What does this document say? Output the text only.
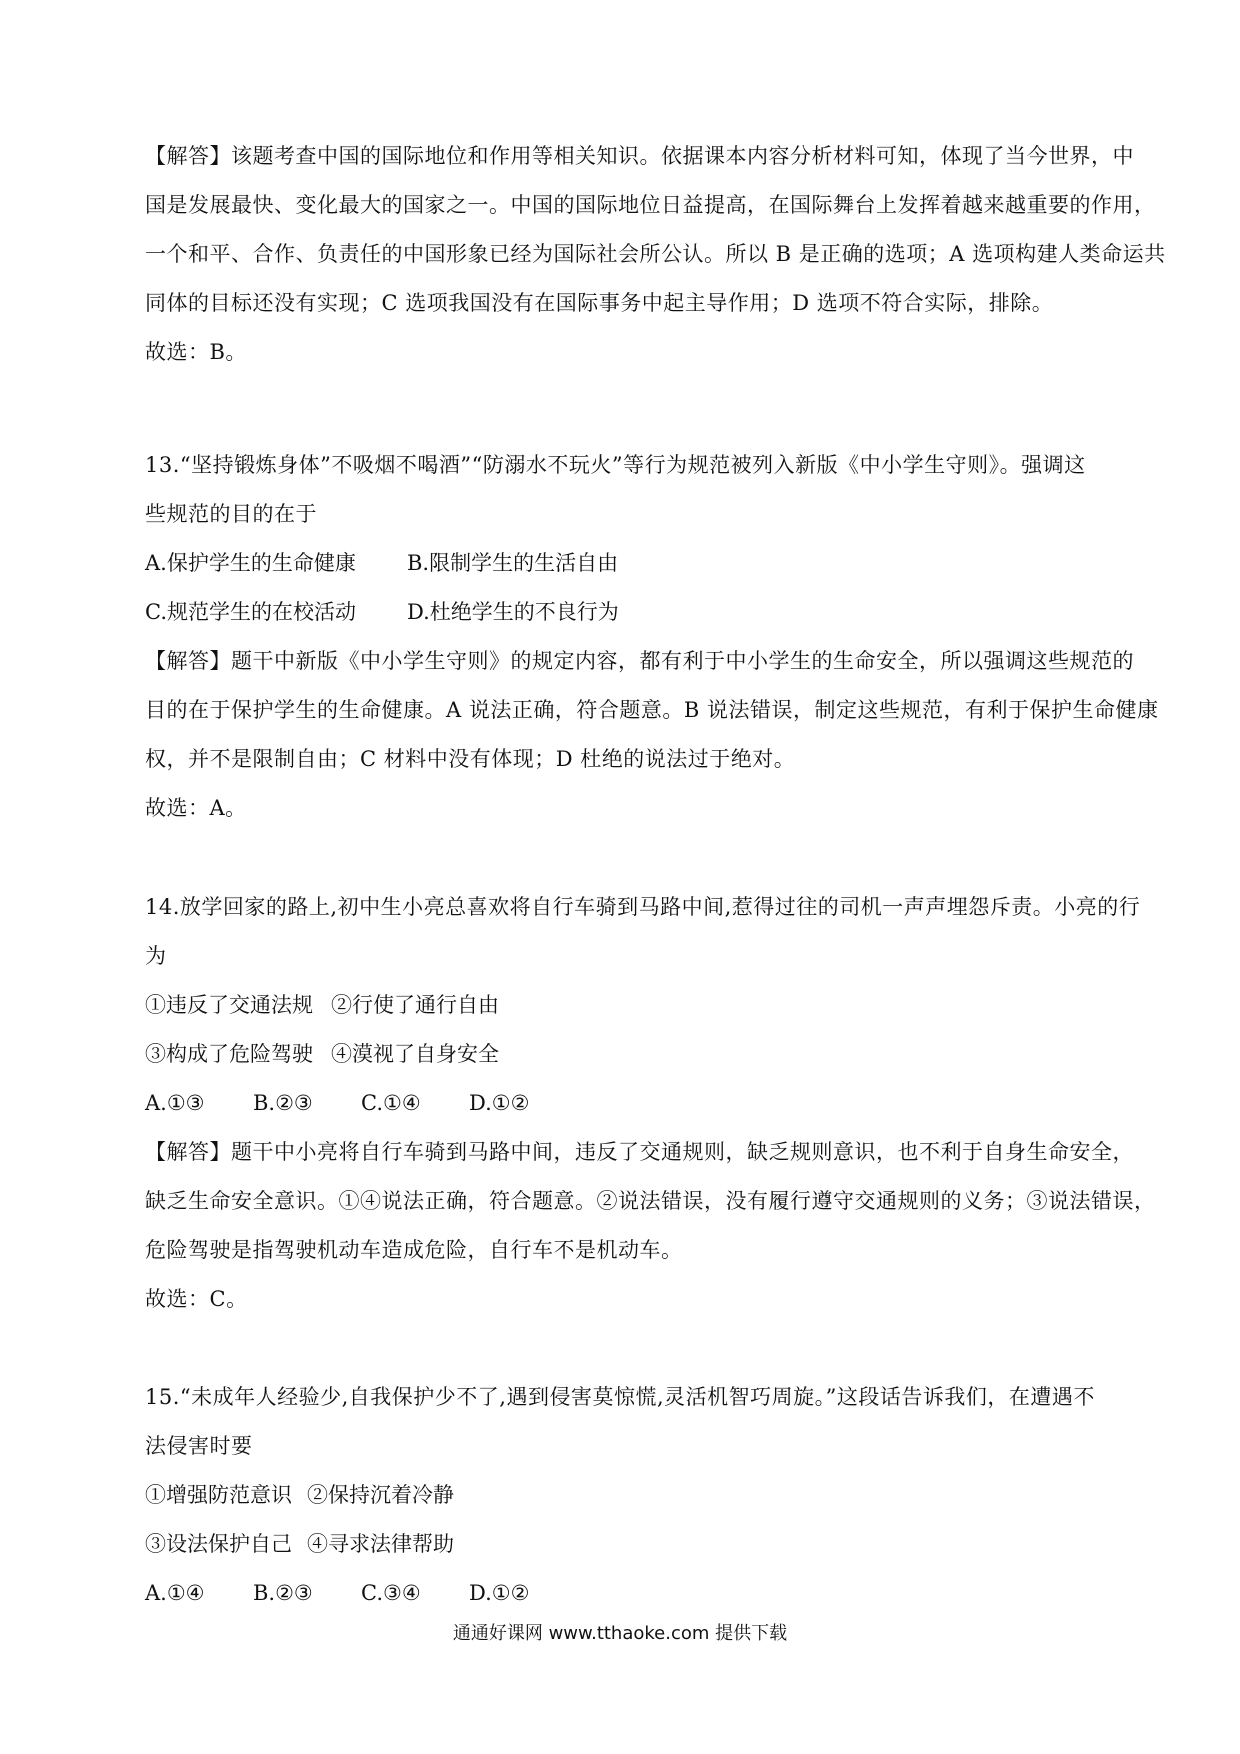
【解答】该题考查中国的国际地位和作用等相关知识。依据课本内容分析材料可知，体现了当今世界，中
国是发展最快、变化最大的国家之一。中国的国际地位日益提高，在国际舞台上发挥着越来越重要的作用，
一个和平、合作、负责任的中国形象已经为国际社会所公认。所以 B 是正确的选项；A 选项构建人类命运共
同体的目标还没有实现；C 选项我国没有在国际事务中起主导作用；D 选项不符合实际，排除。
故选：B。
13.“坚持锻炼身体”不吸烟不喝酒”“防溺水不玩火”等行为规范被列入新版《中小学生守则》。强调这
些规范的目的在于
A.保护学生的生命健康 B.限制学生的生活自由
C.规范学生的在校活动 D.杜绝学生的不良行为
【解答】题干中新版《中小学生守则》的规定内容，都有利于中小学生的生命安全，所以强调这些规范的
目的在于保护学生的生命健康。A 说法正确，符合题意。B 说法错误，制定这些规范，有利于保护生命健康
权，并不是限制自由；C 材料中没有体现；D 杜绝的说法过于绝对。
故选：A。
14.放学回家的路上,初中生小亮总喜欢将自行车骑到马路中间,惹得过往的司机一声声埋怨斥责。小亮的行
为
①违反了交通法规 ②行使了通行自由
③构成了危险驾驶 ④漠视了自身安全
A.①③ B.②③ C.①④ D.①②
【解答】题干中小亮将自行车骑到马路中间，违反了交通规则，缺乏规则意识，也不利于自身生命安全，
缺乏生命安全意识。①④说法正确，符合题意。②说法错误，没有履行遵守交通规则的义务；③说法错误，
危险驾驶是指驾驶机动车造成危险，自行车不是机动车。
故选：C。
15.“未成年人经验少,自我保护少不了,遇到侵害莫惊慌,灵活机智巧周旋。”这段话告诉我们，在遭遇不
法侵害时要
①增强防范意识 ②保持沉着冷静
③设法保护自己 ④寻求法律帮助
A.①④ B.②③ C.③④ D.①②
通通好课网 www.tthaoke.com 提供下载
